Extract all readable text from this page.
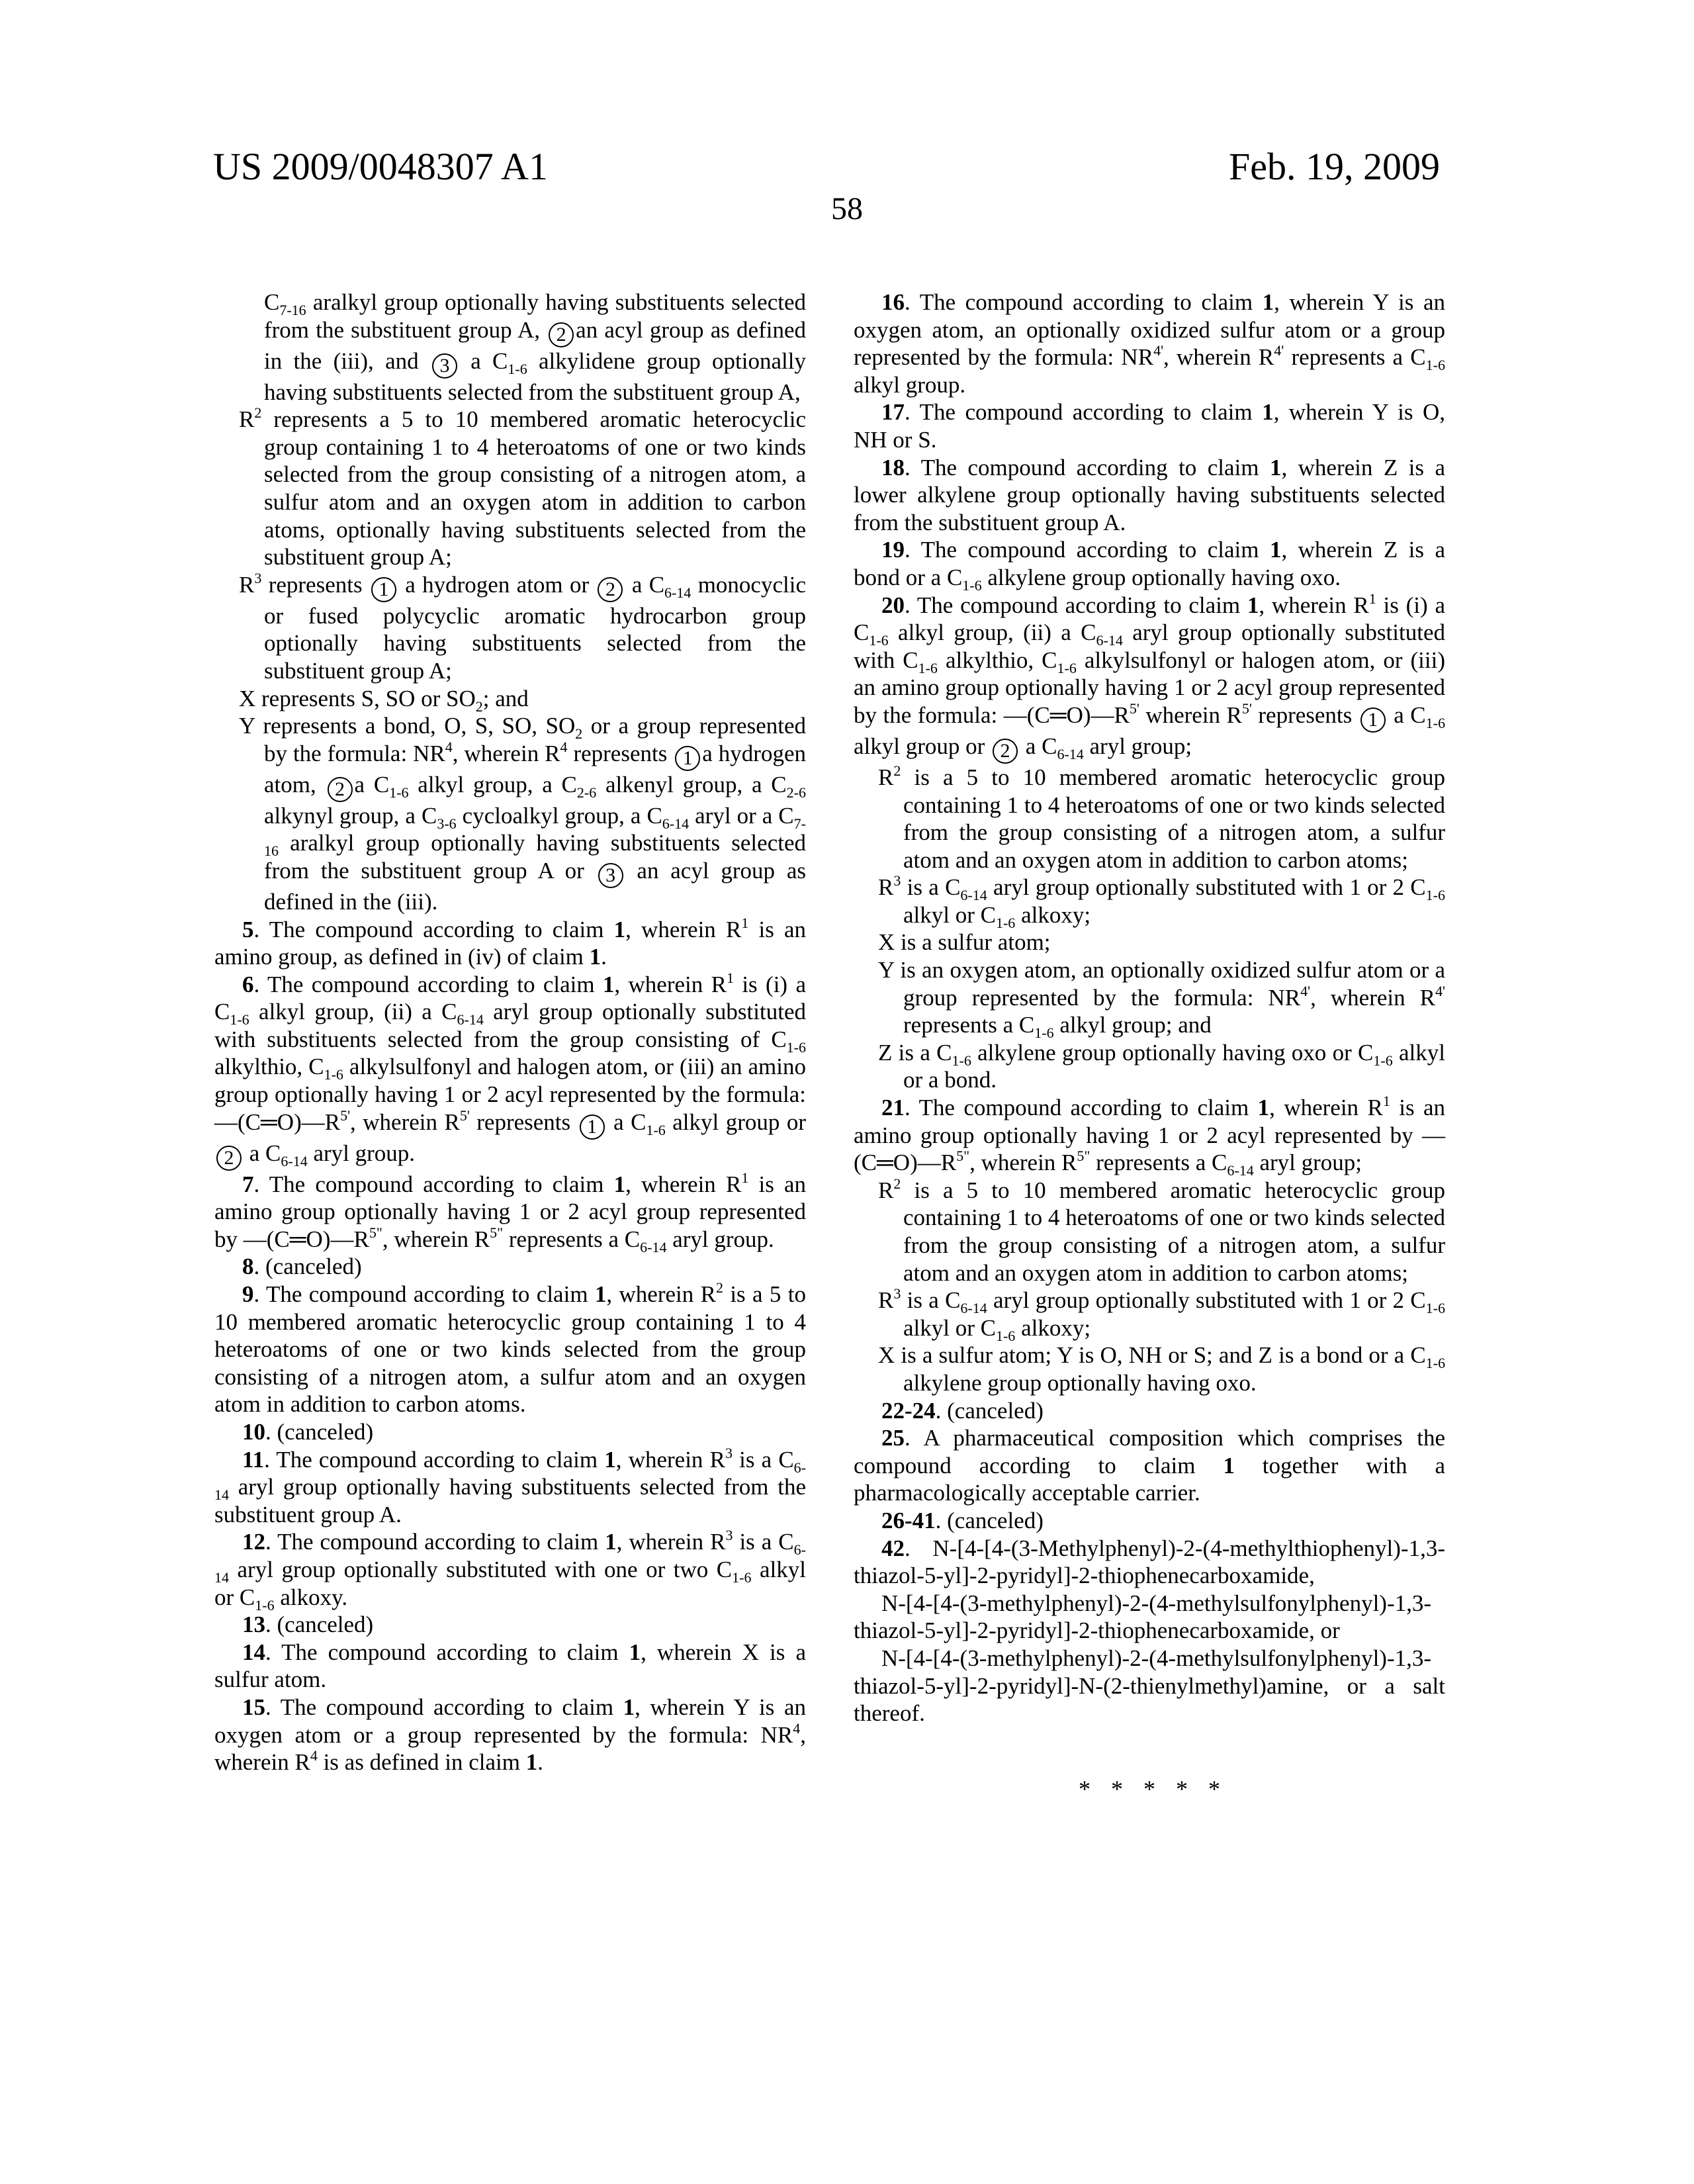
US 2009/0048307 A1	Feb. 19, 2009
58

C7-16 aralkyl group optionally having substituents selected from the substituent group A, 2 an acyl group as defined in the (iii), and 3 a C1-6 alkylidene group optionally having substituents selected from the substituent group A,

R2 represents a 5 to 10 membered aromatic heterocyclic group containing 1 to 4 heteroatoms of one or two kinds selected from the group consisting of a nitrogen atom, a sulfur atom and an oxygen atom in addition to carbon atoms, optionally having substituents selected from the substituent group A;

R3 represents 1 a hydrogen atom or 2 a C6-14 monocyclic or fused polycyclic aromatic hydrocarbon group optionally having substituents selected from the substituent group A;

X represents S, SO or SO2; and

Y represents a bond, O, S, SO, SO2 or a group represented by the formula: NR4, wherein R4 represents 1 a hydrogen atom, 2 a C1-6 alkyl group, a C2-6 alkenyl group, a C2-6 alkynyl group, a C3-6 cycloalkyl group, a C6-14 aryl or a C7-16 aralkyl group optionally having substituents selected from the substituent group A or 3 an acyl group as defined in the (iii).

5. The compound according to claim 1, wherein R1 is an amino group, as defined in (iv) of claim 1.

6. The compound according to claim 1, wherein R1 is (i) a C1-6 alkyl group, (ii) a C6-14 aryl group optionally substituted with substituents selected from the group consisting of C1-6 alkylthio, C1-6 alkylsulfonyl and halogen atom, or (iii) an amino group optionally having 1 or 2 acyl represented by the formula: —(C═O)—R5', wherein R5' represents 1 a C1-6 alkyl group or 2 a C6-14 aryl group.

7. The compound according to claim 1, wherein R1 is an amino group optionally having 1 or 2 acyl group represented by —(C═O)—R5", wherein R5" represents a C6-14 aryl group.

8. (canceled)

9. The compound according to claim 1, wherein R2 is a 5 to 10 membered aromatic heterocyclic group containing 1 to 4 heteroatoms of one or two kinds selected from the group consisting of a nitrogen atom, a sulfur atom and an oxygen atom in addition to carbon atoms.

10. (canceled)

11. The compound according to claim 1, wherein R3 is a C6-14 aryl group optionally having substituents selected from the substituent group A.

12. The compound according to claim 1, wherein R3 is a C6-14 aryl group optionally substituted with one or two C1-6 alkyl or C1-6 alkoxy.

13. (canceled)

14. The compound according to claim 1, wherein X is a sulfur atom.

15. The compound according to claim 1, wherein Y is an oxygen atom or a group represented by the formula: NR4, wherein R4 is as defined in claim 1.

16. The compound according to claim 1, wherein Y is an oxygen atom, an optionally oxidized sulfur atom or a group represented by the formula: NR4', wherein R4' represents a C1-6 alkyl group.

17. The compound according to claim 1, wherein Y is O, NH or S.

18. The compound according to claim 1, wherein Z is a lower alkylene group optionally having substituents selected from the substituent group A.

19. The compound according to claim 1, wherein Z is a bond or a C1-6 alkylene group optionally having oxo.

20. The compound according to claim 1, wherein R1 is (i) a C1-6 alkyl group, (ii) a C6-14 aryl group optionally substituted with C1-6 alkylthio, C1-6 alkylsulfonyl or halogen atom, or (iii) an amino group optionally having 1 or 2 acyl group represented by the formula: —(C═O)—R5' wherein R5' represents 1 a C1-6 alkyl group or 2 a C6-14 aryl group;

R2 is a 5 to 10 membered aromatic heterocyclic group containing 1 to 4 heteroatoms of one or two kinds selected from the group consisting of a nitrogen atom, a sulfur atom and an oxygen atom in addition to carbon atoms;

R3 is a C6-14 aryl group optionally substituted with 1 or 2 C1-6 alkyl or C1-6 alkoxy;

X is a sulfur atom;

Y is an oxygen atom, an optionally oxidized sulfur atom or a group represented by the formula: NR4', wherein R4' represents a C1-6 alkyl group; and

Z is a C1-6 alkylene group optionally having oxo or C1-6 alkyl or a bond.

21. The compound according to claim 1, wherein R1 is an amino group optionally having 1 or 2 acyl represented by —(C═O)—R5", wherein R5" represents a C6-14 aryl group;

R2 is a 5 to 10 membered aromatic heterocyclic group containing 1 to 4 heteroatoms of one or two kinds selected from the group consisting of a nitrogen atom, a sulfur atom and an oxygen atom in addition to carbon atoms;

R3 is a C6-14 aryl group optionally substituted with 1 or 2 C1-6 alkyl or C1-6 alkoxy;

X is a sulfur atom; Y is O, NH or S; and Z is a bond or a C1-6 alkylene group optionally having oxo.

22-24. (canceled)

25. A pharmaceutical composition which comprises the compound according to claim 1 together with a pharmacologically acceptable carrier.

26-41. (canceled)

42. N-[4-[4-(3-Methylphenyl)-2-(4-methylthiophenyl)-1,3-thiazol-5-yl]-2-pyridyl]-2-thiophenecarboxamide,

N-[4-[4-(3-methylphenyl)-2-(4-methylsulfonylphenyl)-1,3-thiazol-5-yl]-2-pyridyl]-2-thiophenecarboxamide, or

N-[4-[4-(3-methylphenyl)-2-(4-methylsulfonylphenyl)-1,3-thiazol-5-yl]-2-pyridyl]-N-(2-thienylmethyl)amine, or a salt thereof.

* * * * *
